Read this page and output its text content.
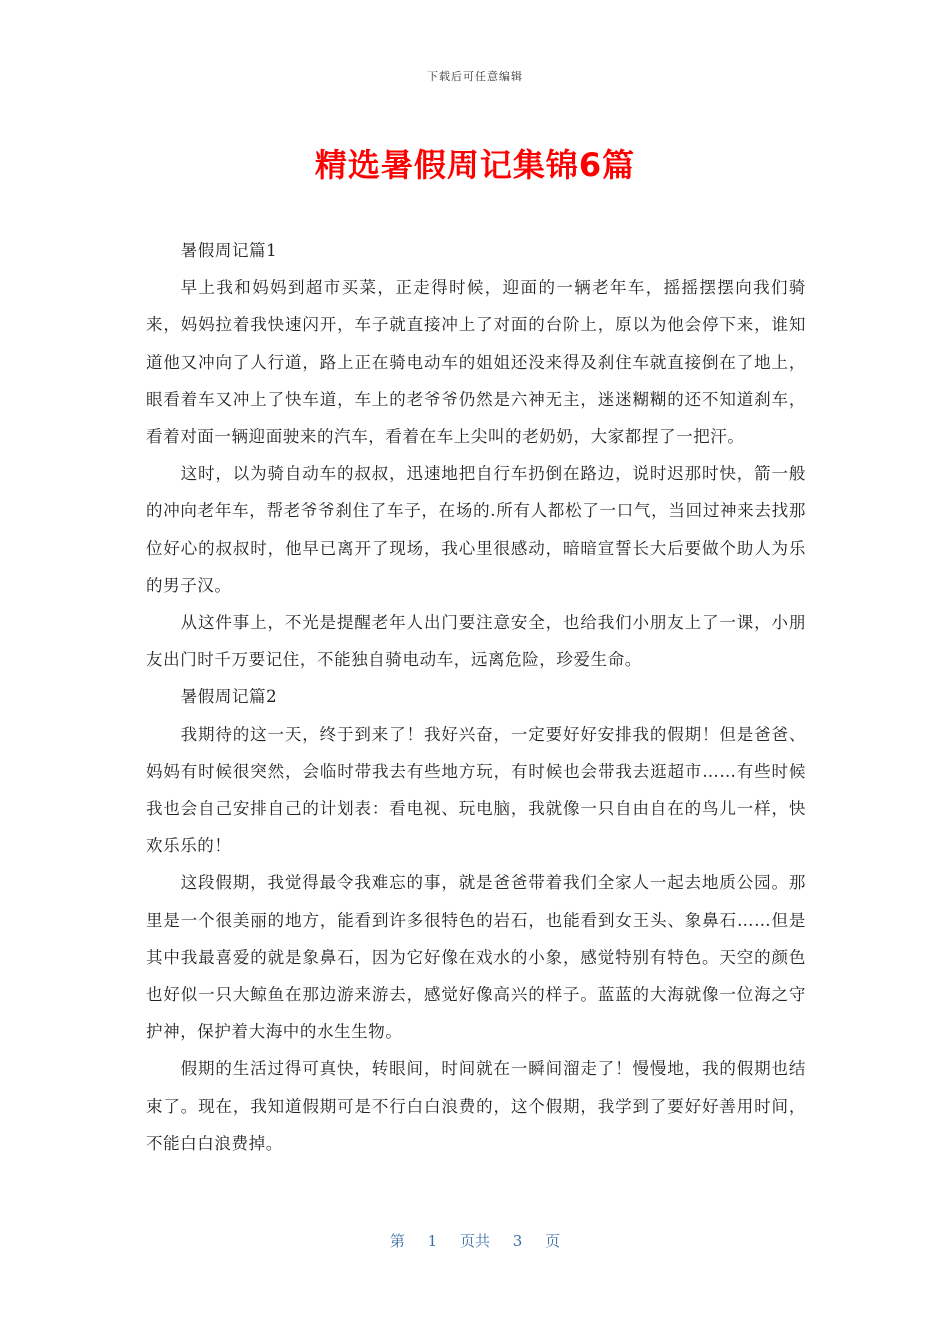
下载后可任意编辑
精选暑假周记集锦6篇

暑假周记篇1

早上我和妈妈到超市买菜，正走得时候，迎面的一辆老年车，摇摇摆摆向我们骑来，妈妈拉着我快速闪开，车子就直接冲上了对面的台阶上，原以为他会停下来，谁知道他又冲向了人行道，路上正在骑电动车的姐姐还没来得及刹住车就直接倒在了地上，眼看着车又冲上了快车道，车上的老爷爷仍然是六神无主，迷迷糊糊的还不知道刹车，看着对面一辆迎面驶来的汽车，看着在车上尖叫的老奶奶，大家都捏了一把汗。

这时，以为骑自动车的叔叔，迅速地把自行车扔倒在路边，说时迟那时快，箭一般的冲向老年车，帮老爷爷刹住了车子，在场的.所有人都松了一口气，当回过神来去找那位好心的叔叔时，他早已离开了现场，我心里很感动，暗暗宣誓长大后要做个助人为乐的男子汉。

从这件事上，不光是提醒老年人出门要注意安全，也给我们小朋友上了一课，小朋友出门时千万要记住，不能独自骑电动车，远离危险，珍爱生命。

暑假周记篇2

我期待的这一天，终于到来了！我好兴奋，一定要好好安排我的假期！但是爸爸、妈妈有时候很突然，会临时带我去有些地方玩，有时候也会带我去逛超市……有些时候我也会自己安排自己的计划表：看电视、玩电脑，我就像一只自由自在的鸟儿一样，快欢乐乐的！

这段假期，我觉得最令我难忘的事，就是爸爸带着我们全家人一起去地质公园。那里是一个很美丽的地方，能看到许多很特色的岩石，也能看到女王头、象鼻石……但是其中我最喜爱的就是象鼻石，因为它好像在戏水的小象，感觉特别有特色。天空的颜色也好似一只大鲸鱼在那边游来游去，感觉好像高兴的样子。蓝蓝的大海就像一位海之守护神，保护着大海中的水生生物。

假期的生活过得可真快，转眼间，时间就在一瞬间溜走了！慢慢地，我的假期也结束了。现在，我知道假期可是不行白白浪费的，这个假期，我学到了要好好善用时间，不能白白浪费掉。

第 1 页共 3 页
